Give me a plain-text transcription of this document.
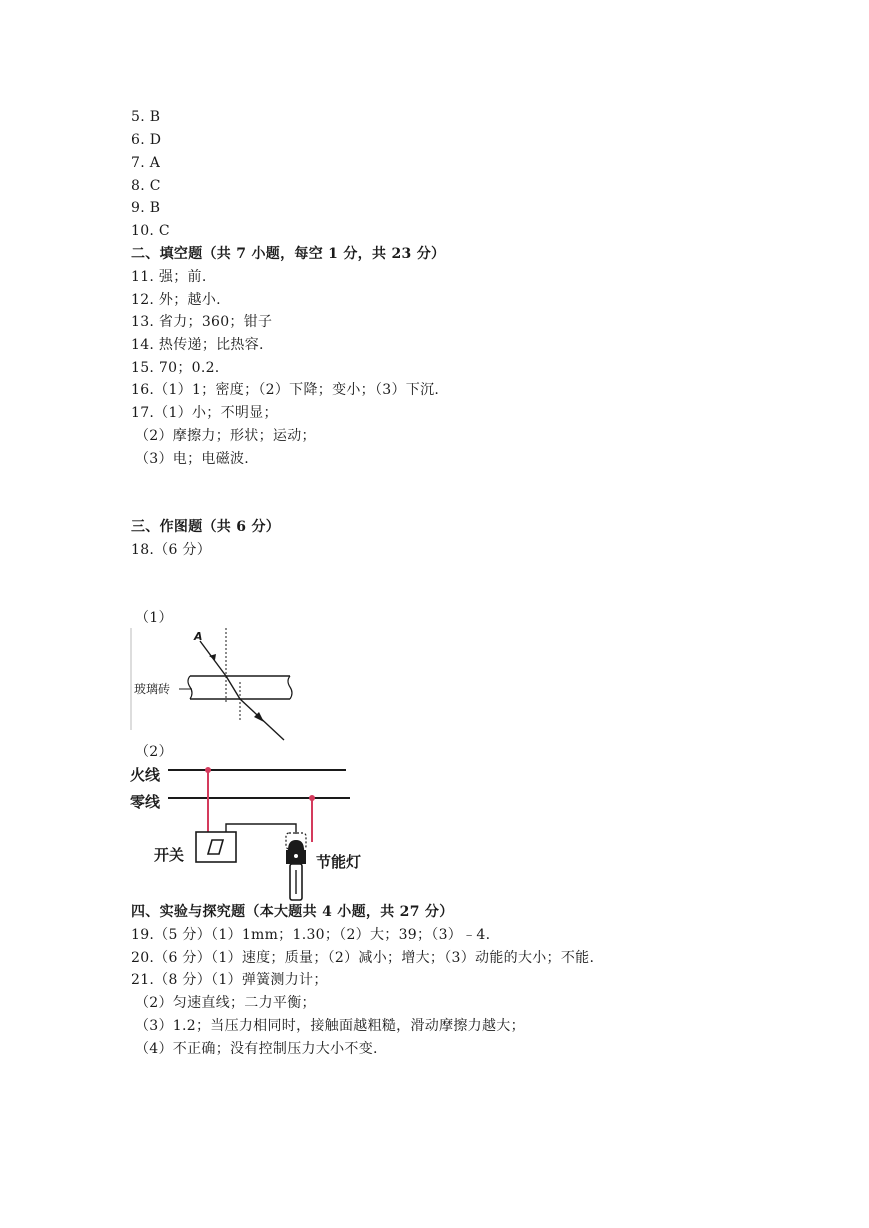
5. B
6. D
7. A
8. C
9. B
10. C
二、填空题（共 7 小题，每空 1 分，共 23 分）
11. 强；前.
12. 外；越小.
13. 省力；360；钳子
14. 热传递；比热容.
15. 70；0.2.
16.（1）1；密度；（2）下降；变小；（3）下沉.
17.（1）小；不明显；
（2）摩擦力；形状；运动；
（3）电；电磁波.
三、作图题（共 6 分）
18.（6 分）
（1）
A
玻璃砖
（2）
火线
零线
开关	节能灯
四、实验与探究题（本大题共 4 小题，共 27 分）
19.（5 分）（1）1mm；1.30；（2）大；39；（3）﹣4.
20.（6 分）（1）速度；质量；（2）减小；增大；（3）动能的大小；不能.
21.（8 分）（1）弹簧测力计；
（2）匀速直线；二力平衡；
（3）1.2；当压力相同时，接触面越粗糙，滑动摩擦力越大；
（4）不正确；没有控制压力大小不变.
